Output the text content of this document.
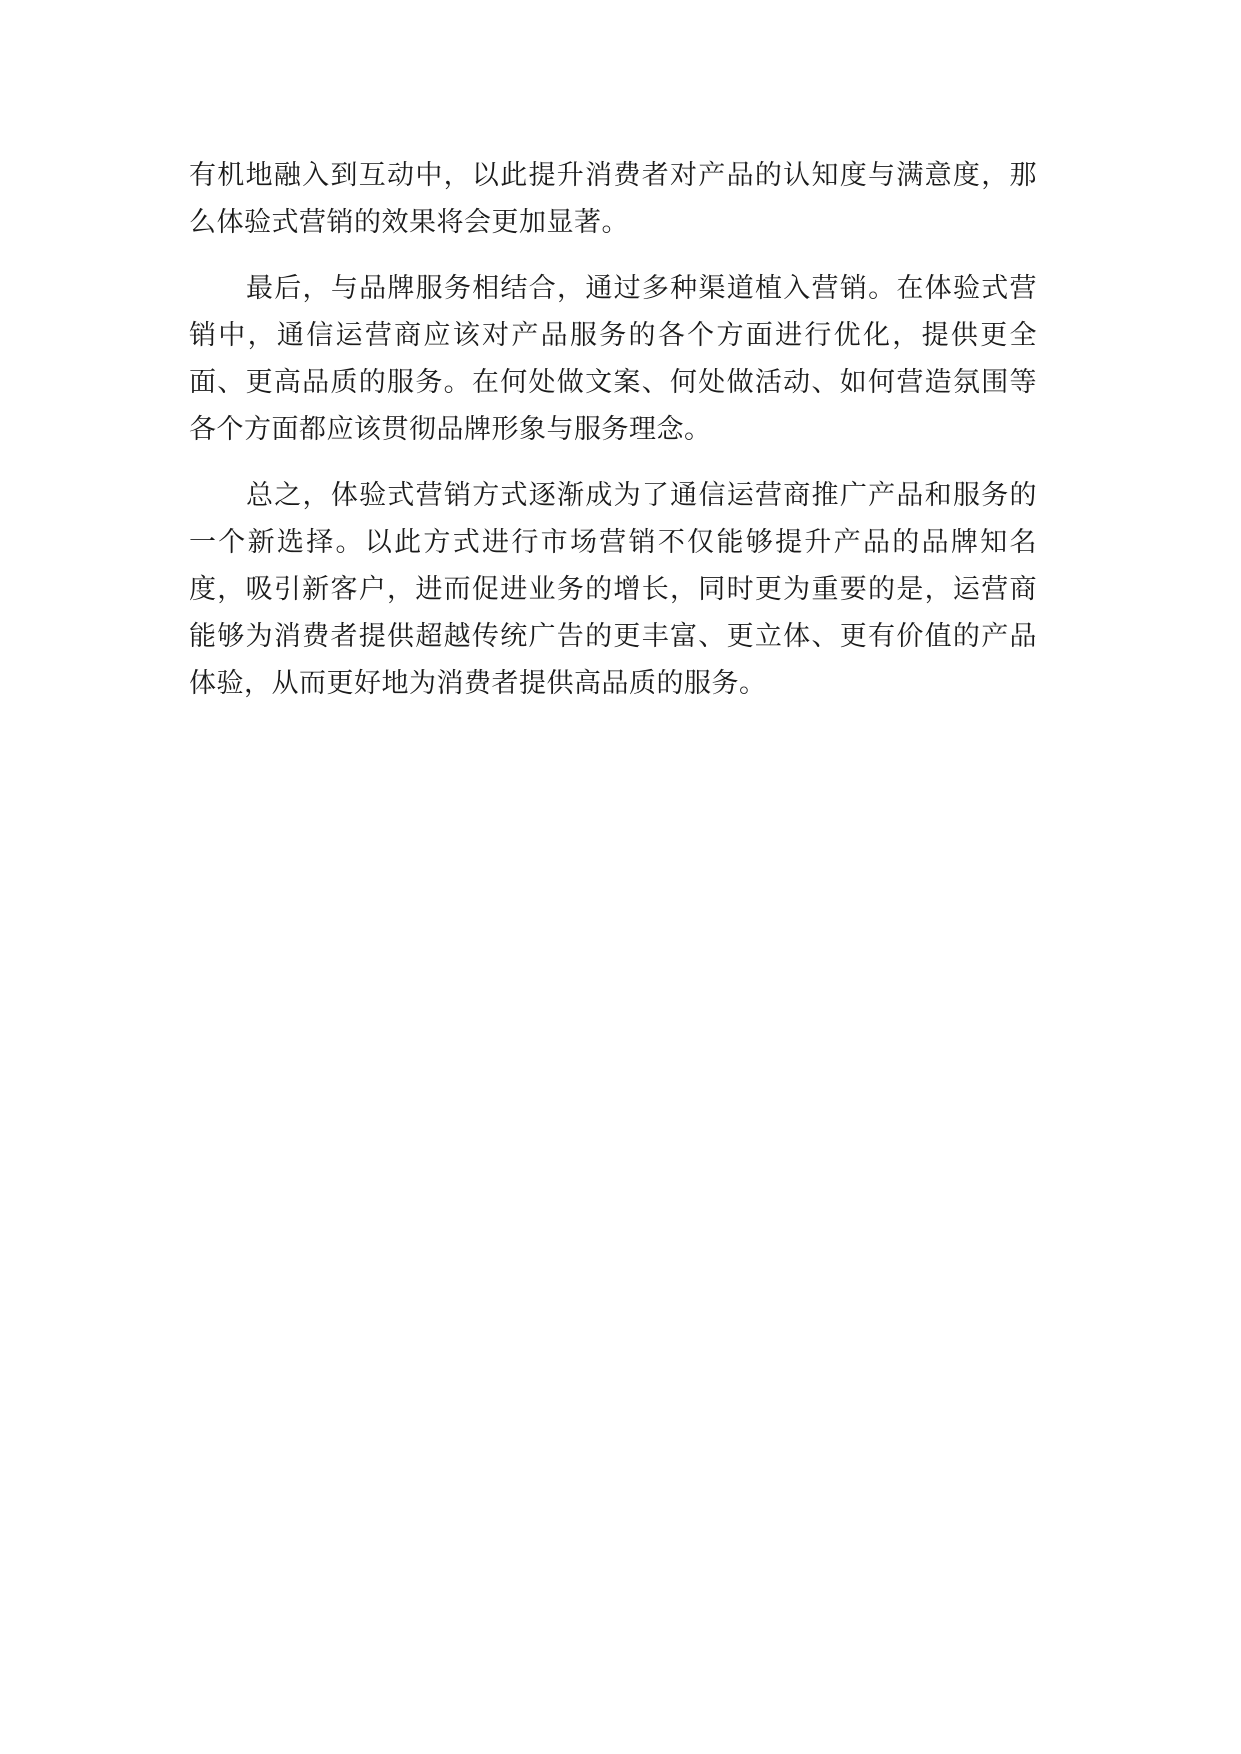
有机地融入到互动中，以此提升消费者对产品的认知度与满意度，那么体验式营销的效果将会更加显著。

最后，与品牌服务相结合，通过多种渠道植入营销。在体验式营销中，通信运营商应该对产品服务的各个方面进行优化，提供更全面、更高品质的服务。在何处做文案、何处做活动、如何营造氛围等各个方面都应该贯彻品牌形象与服务理念。

总之，体验式营销方式逐渐成为了通信运营商推广产品和服务的一个新选择。以此方式进行市场营销不仅能够提升产品的品牌知名度，吸引新客户，进而促进业务的增长，同时更为重要的是，运营商能够为消费者提供超越传统广告的更丰富、更立体、更有价值的产品体验，从而更好地为消费者提供高品质的服务。
